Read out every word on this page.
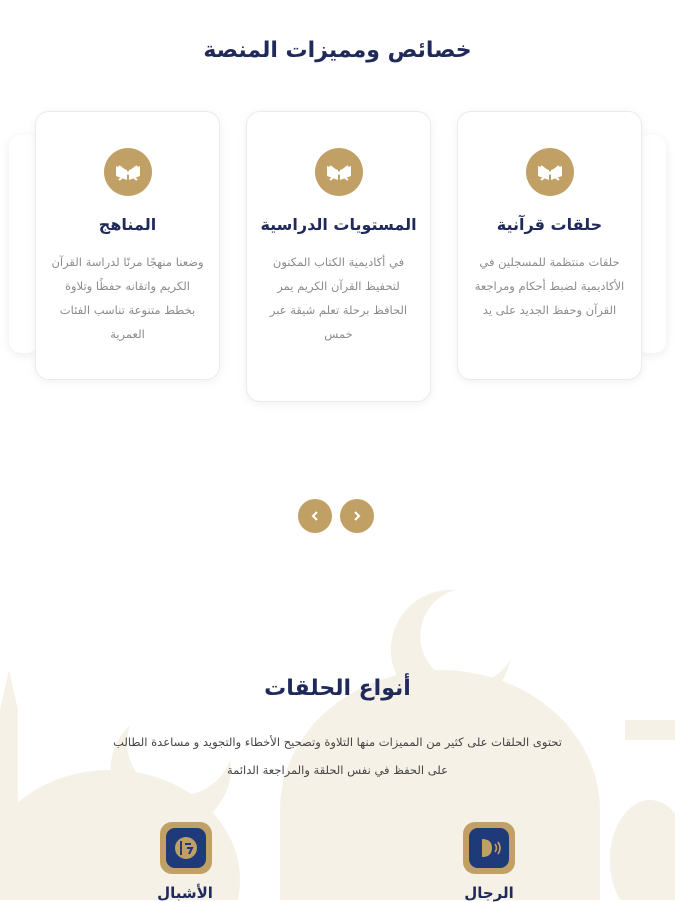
خصائص ومميزات المنصة
حلقات قرآنية

حلقات منتظمة للمسجلين في الأكاديمية لضبط أحكام ومراجعة القرآن وحفظ الجديد على يد

المستويات الدراسية

في أكاديمية الكتاب المكنون لتحفيظ القرآن الكريم يمر الحافظ برحلة تعلم شيقة عبر خمس

المناهج

وضعنا منهجًا مرنًا لدراسة القرآن الكريم واتقانه حفظًا وتلاوة بخطط متنوعة تناسب الفئات العمرية

أنواع الحلقات

تحتوى الحلقات على كثير من المميزات منها التلاوة وتصحيح الأخطاء والتجويد و مساعدة الطالب على الحفظ في نفس الحلقة والمراجعة الدائمة

الأشبال	الرجال
